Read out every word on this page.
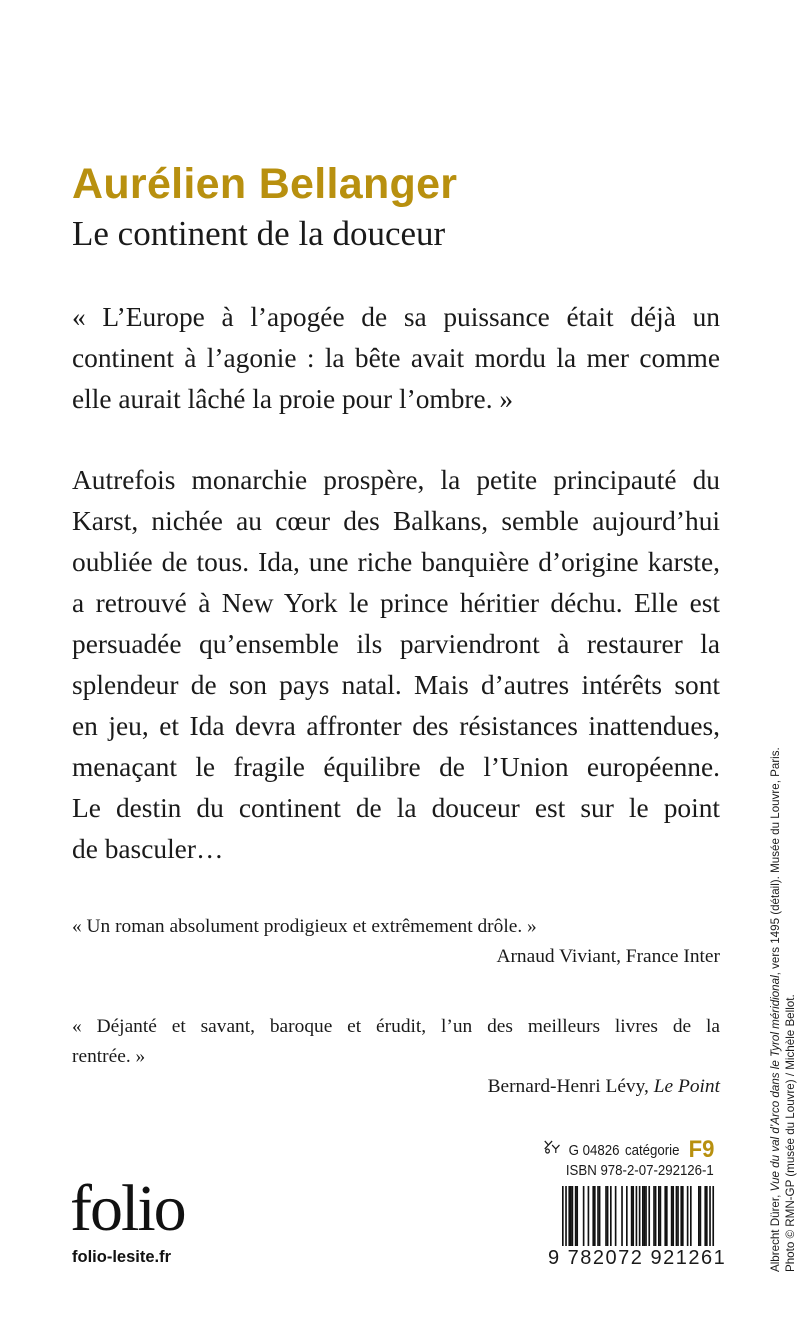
Aurélien Bellanger
Le continent de la douceur
« L’Europe à l’apogée de sa puissance était déjà un
continent à l’agonie : la bête avait mordu la mer comme
elle aurait lâché la proie pour l’ombre. »
Autrefois monarchie prospère, la petite principauté du
Karst, nichée au cœur des Balkans, semble aujourd’hui
oubliée de tous. Ida, une riche banquière d’origine karste,
a retrouvé à New York le prince héritier déchu. Elle est
persuadée qu’ensemble ils parviendront à restaurer la
splendeur de son pays natal. Mais d’autres intérêts sont
en jeu, et Ida devra affronter des résistances inattendues,
menaçant le fragile équilibre de l’Union européenne.
Le destin du continent de la douceur est sur le point
de basculer…
« Un roman absolument prodigieux et extrêmement drôle. »
Arnaud Viviant, France Inter
« Déjanté et savant, baroque et érudit, l’un des meilleurs livres de la
rentrée. »
Bernard-Henri Lévy, Le Point
G 04826 catégorie F9
ISBN 978-2-07-292126-1
folio
folio-lesite.fr	9 782072 921261	Albrecht Dürer, Vue du val d’Arco dans le Tyrol méridional, vers 1495 (détail). Musée du Louvre, Paris.
Photo © RMN-GP (musée du Louvre) / Michèle Bellot.
